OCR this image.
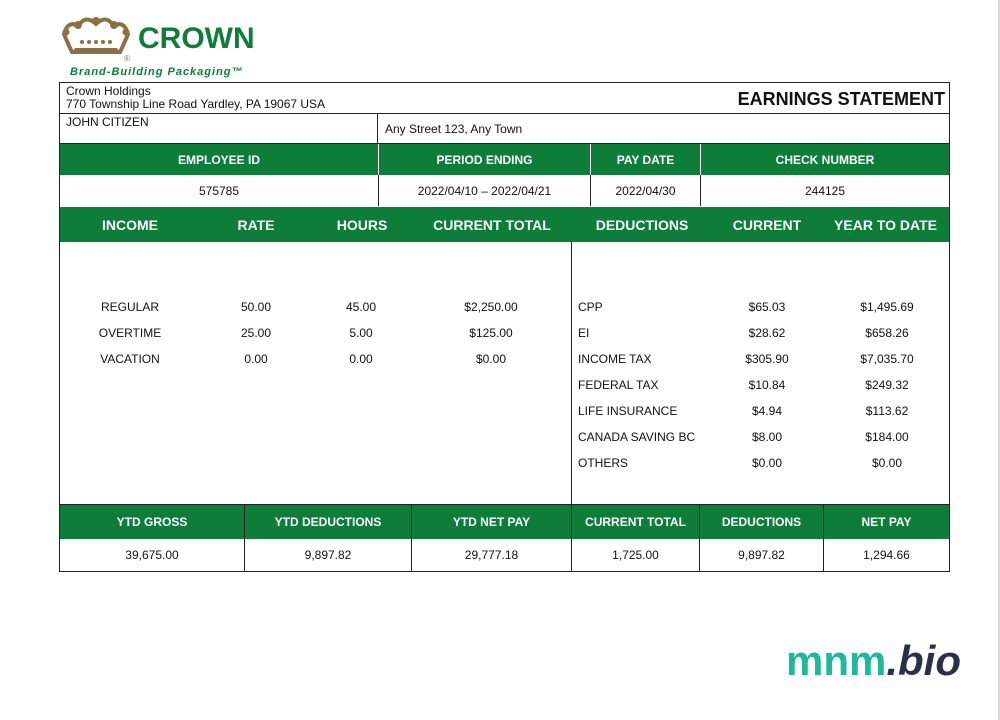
®
CROWN
Brand-Building Packaging™
Crown Holdings
770 Township Line Road Yardley, PA 19067 USA	EARNINGS STATEMENT
JOHN CITIZEN	Any Street 123, Any Town
EMPLOYEE ID	PERIOD ENDING	PAY DATE	CHECK NUMBER
575785	2022/04/10 – 2022/04/21	2022/04/30	244125
INCOME	RATE	HOURS	CURRENT TOTAL	DEDUCTIONS	CURRENT	YEAR TO DATE
REGULAR	50.00	45.00	$2,250.00
OVERTIME	25.00	5.00	$125.00
VACATION	0.00	0.00	$0.00
CPP	$65.03	$1,495.69
EI	$28.62	$658.26
INCOME TAX	$305.90	$7,035.70
FEDERAL TAX	$10.84	$249.32
LIFE INSURANCE	$4.94	$113.62
CANADA SAVING BC	$8.00	$184.00
OTHERS	$0.00	$0.00
YTD GROSS	YTD DEDUCTIONS	YTD NET PAY	CURRENT TOTAL	DEDUCTIONS	NET PAY
39,675.00	9,897.82	29,777.18	1,725.00	9,897.82	1,294.66
mnm.bio
